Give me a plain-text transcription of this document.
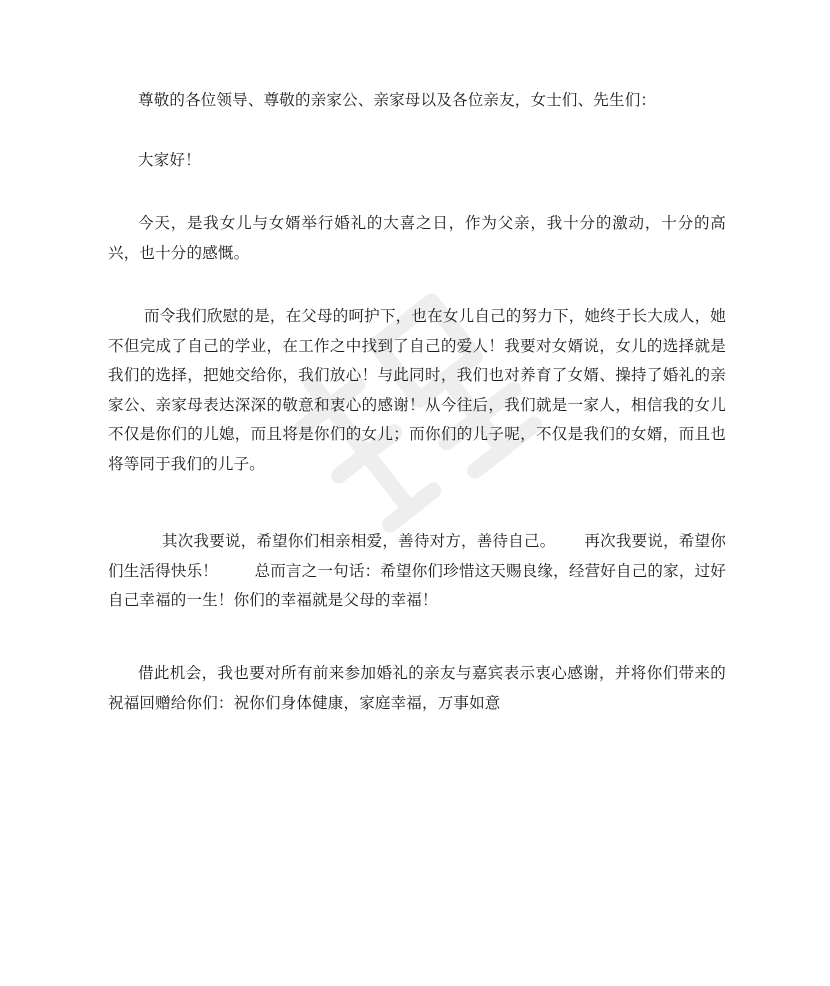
尊敬的各位领导、尊敬的亲家公、亲家母以及各位亲友，女士们、先生们：

大家好！

今天，是我女儿与女婿举行婚礼的大喜之日，作为父亲，我十分的激动，十分的高兴，也十分的感慨。

而令我们欣慰的是，在父母的呵护下，也在女儿自己的努力下，她终于长大成人，她不但完成了自己的学业，在工作之中找到了自己的爱人！我要对女婿说，女儿的选择就是我们的选择，把她交给你，我们放心！与此同时，我们也对养育了女婿、操持了婚礼的亲家公、亲家母表达深深的敬意和衷心的感谢！从今往后，我们就是一家人，相信我的女儿不仅是你们的儿媳，而且将是你们的女儿；而你们的儿子呢，不仅是我们的女婿，而且也将等同于我们的儿子。

其次我要说，希望你们相亲相爱，善待对方，善待自己。　　 再次我要说，希望你们生活得快乐！　　 总而言之一句话：希望你们珍惜这天赐良缘，经营好自己的家，过好自己幸福的一生！你们的幸福就是父母的幸福！

借此机会，我也要对所有前来参加婚礼的亲友与嘉宾表示衷心感谢，并将你们带来的祝福回赠给你们：祝你们身体健康，家庭幸福，万事如意
